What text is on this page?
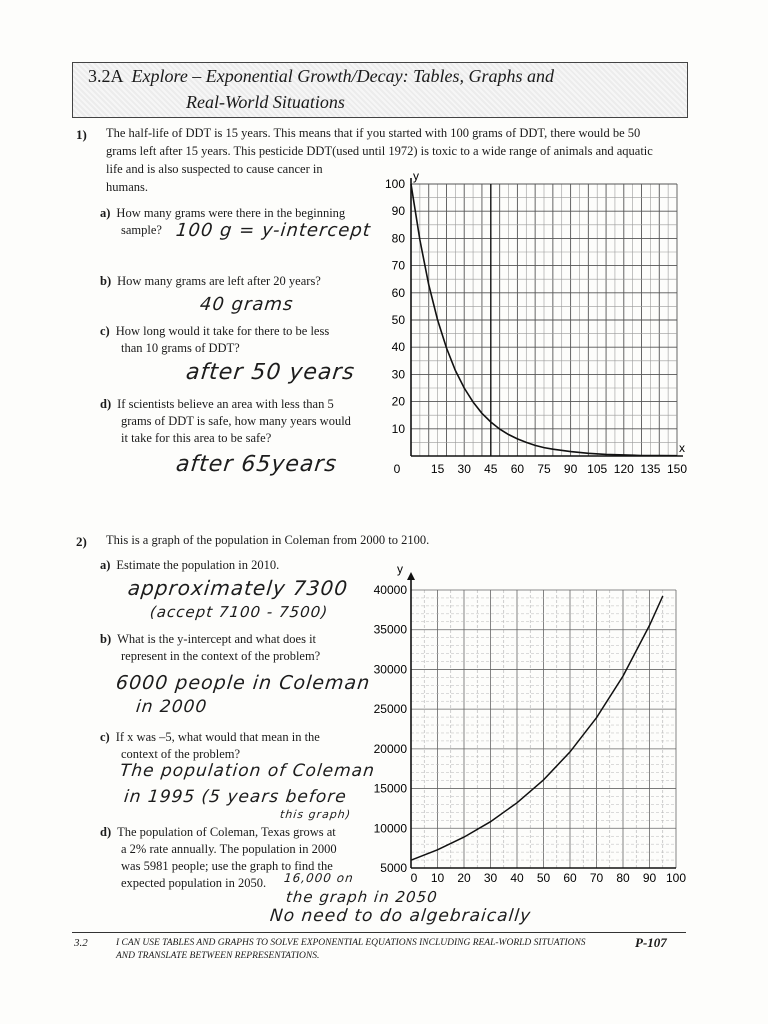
3.2A Explore – Exponential Growth/Decay: Tables, Graphs and
Real-World Situations
1) The half-life of DDT is 15 years. This means that if you started with 100 grams of DDT, there would be 50
grams left after 15 years. This pesticide DDT(used until 1972) is toxic to a wide range of animals and aquatic
life and is also suspected to cause cancer in
humans.
a) How many grams were there in the beginning
sample? 100 g = y-intercept
b) How many grams are left after 20 years?
40 grams
c) How long would it take for there to be less
than 10 grams of DDT?
after 50 years
d) If scientists believe an area with less than 5
grams of DDT is safe, how many years would
it take for this area to be safe?
after 65years
y
x
10
20
30
40
50
60
70
80
90
100
0	15 30 45 60 75 90 105 120 135 150
2) This is a graph of the population in Coleman from 2000 to 2100.
a) Estimate the population in 2010.
approximately 7300
(accept 7100 - 7500)
b) What is the y-intercept and what does it
represent in the context of the problem?
6000 people in Coleman
in 2000
c) If x was –5, what would that mean in the
context of the problem?
The population of Coleman
in 1995 (5 years before
this graph)
d) The population of Coleman, Texas grows at
a 2% rate annually. The population in 2000
was 5981 people; use the graph to find the
expected population in 2050. 16,000 on
the graph in 2050
No need to do algebraically
y
5000
10000
15000
20000
25000
30000
35000
40000
0 10 20 30 40 50 60 70 80 90 100
3.2	I CAN USE TABLES AND GRAPHS TO SOLVE EXPONENTIAL EQUATIONS INCLUDING REAL-WORLD SITUATIONS
AND TRANSLATE BETWEEN REPRESENTATIONS.
P-107
